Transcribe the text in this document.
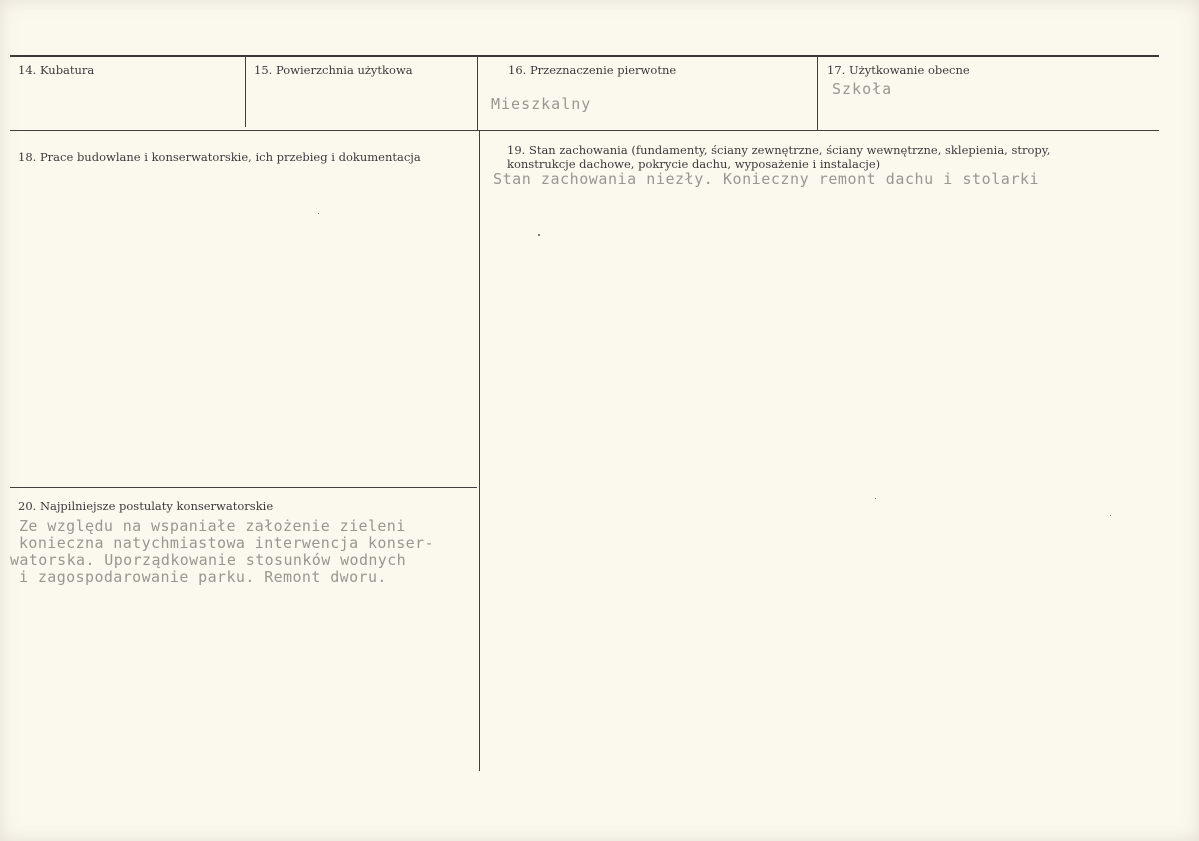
14. Kubatura	15. Powierzchnia użytkowa	16. Przeznaczenie pierwotne
Mieszkalny
17. Użytkowanie obecne
Szkoła
18. Prace budowlane i konserwatorskie, ich przebieg i dokumentacja	19. Stan zachowania (fundamenty, ściany zewnętrzne, ściany wewnętrzne, sklepienia, stropy,
konstrukcje dachowe, pokrycie dachu, wyposażenie i instalacje)
Stan zachowania niezły. Konieczny remont dachu i stolarki
20. Najpilniejsze postulaty konserwatorskie
Ze względu na wspaniałe założenie zieleni
konieczna natychmiastowa interwencja konser-
watorska. Uporządkowanie stosunków wodnych
i zagospodarowanie parku. Remont dworu.
